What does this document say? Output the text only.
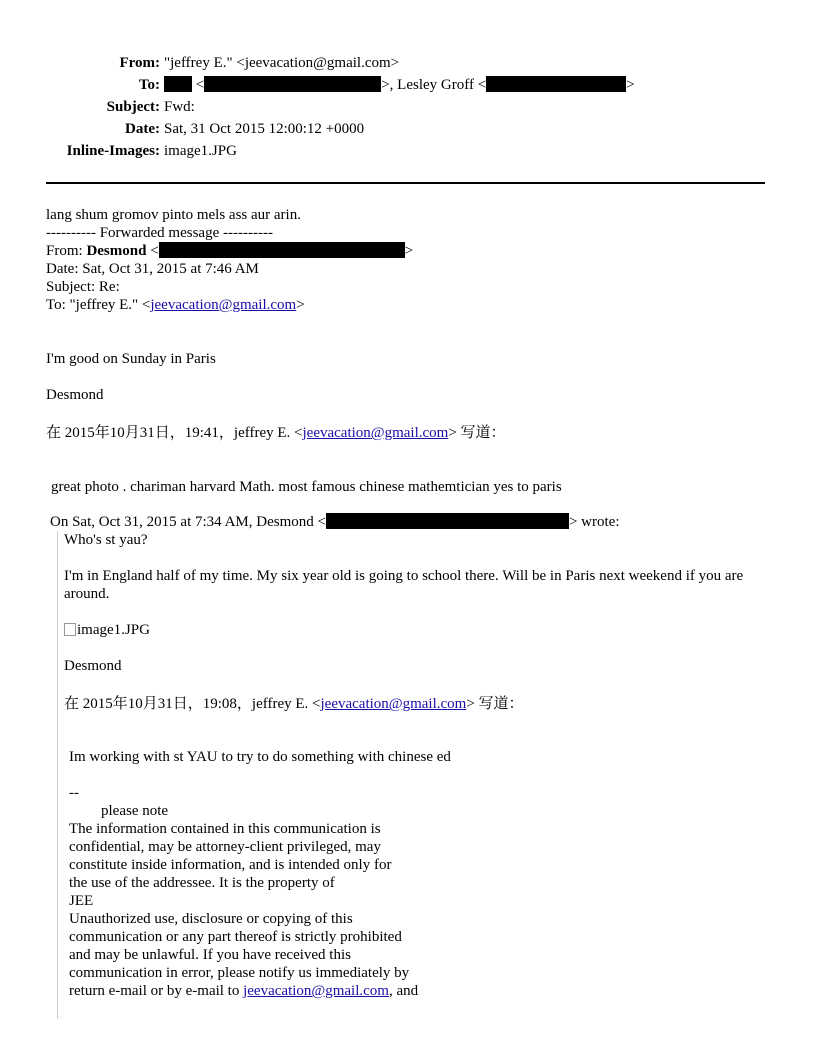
From: "jeffrey E." <jeevacation@gmail.com>
To:	<	>, Lesley Groff <	>
Subject: Fwd:
Date: Sat, 31 Oct 2015 12:00:12 +0000
Inline-Images: image1.JPG
lang shum gromov pinto mels ass aur arin.
---------- Forwarded message ----------
From: Desmond <	>
Date: Sat, Oct 31, 2015 at 7:46 AM
Subject: Re:
To: "jeffrey E." <jeevacation@gmail.com>
I'm good on Sunday in Paris
Desmond
在 2015年10月31日，19:41，jeffrey E. <jeevacation@gmail.com> 写道：
great photo . chariman harvard Math. most famous chinese mathemtician yes to paris
On Sat, Oct 31, 2015 at 7:34 AM, Desmond <	> wrote:
Who's st yau?
I'm in England half of my time. My six year old is going to school there. Will be in Paris next weekend if you are around.
image1.JPG
Desmond
在 2015年10月31日，19:08，jeffrey E. <jeevacation@gmail.com> 写道：
Im working with st YAU to try to do something with chinese ed
--
please note
The information contained in this communication is
confidential, may be attorney-client privileged, may
constitute inside information, and is intended only for
the use of the addressee. It is the property of
JEE
Unauthorized use, disclosure or copying of this
communication or any part thereof is strictly prohibited
and may be unlawful. If you have received this
communication in error, please notify us immediately by
return e-mail or by e-mail to jeevacation@gmail.com, and
